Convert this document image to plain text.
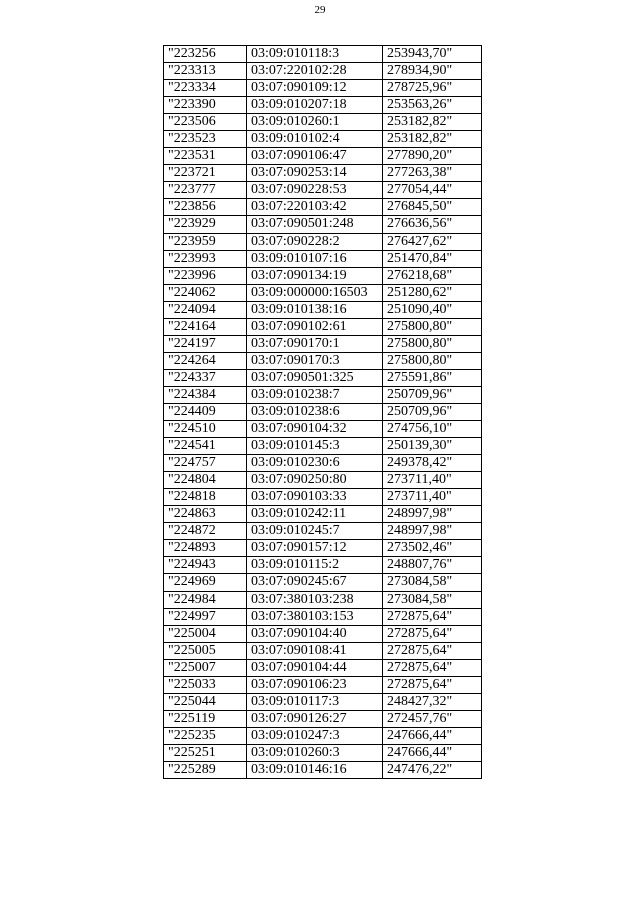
29
"223256	03:09:010118:3	253943,70"
"223313	03:07:220102:28	278934,90"
"223334	03:07:090109:12	278725,96"
"223390	03:09:010207:18	253563,26"
"223506	03:09:010260:1	253182,82"
"223523	03:09:010102:4	253182,82"
"223531	03:07:090106:47	277890,20"
"223721	03:07:090253:14	277263,38"
"223777	03:07:090228:53	277054,44"
"223856	03:07:220103:42	276845,50"
"223929	03:07:090501:248	276636,56"
"223959	03:07:090228:2	276427,62"
"223993	03:09:010107:16	251470,84"
"223996	03:07:090134:19	276218,68"
"224062	03:09:000000:16503	251280,62"
"224094	03:09:010138:16	251090,40"
"224164	03:07:090102:61	275800,80"
"224197	03:07:090170:1	275800,80"
"224264	03:07:090170:3	275800,80"
"224337	03:07:090501:325	275591,86"
"224384	03:09:010238:7	250709,96"
"224409	03:09:010238:6	250709,96"
"224510	03:07:090104:32	274756,10"
"224541	03:09:010145:3	250139,30"
"224757	03:09:010230:6	249378,42"
"224804	03:07:090250:80	273711,40"
"224818	03:07:090103:33	273711,40"
"224863	03:09:010242:11	248997,98"
"224872	03:09:010245:7	248997,98"
"224893	03:07:090157:12	273502,46"
"224943	03:09:010115:2	248807,76"
"224969	03:07:090245:67	273084,58"
"224984	03:07:380103:238	273084,58"
"224997	03:07:380103:153	272875,64"
"225004	03:07:090104:40	272875,64"
"225005	03:07:090108:41	272875,64"
"225007	03:07:090104:44	272875,64"
"225033	03:07:090106:23	272875,64"
"225044	03:09:010117:3	248427,32"
"225119	03:07:090126:27	272457,76"
"225235	03:09:010247:3	247666,44"
"225251	03:09:010260:3	247666,44"
"225289	03:09:010146:16	247476,22"
